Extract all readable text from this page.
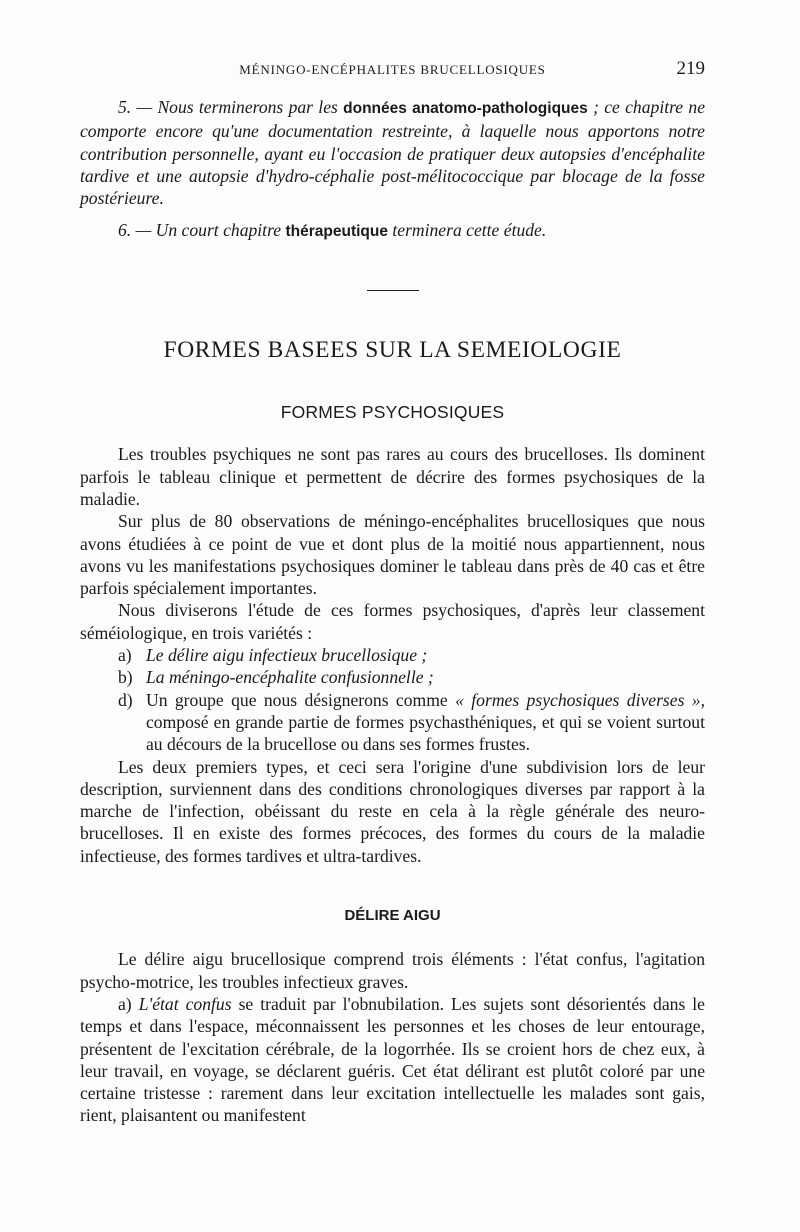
MÉNINGO-ENCÉPHALITES BRUCELLOSIQUES	219

5. — Nous terminerons par les données anatomo-pathologiques ; ce chapitre ne comporte encore qu'une documentation restreinte, à laquelle nous apportons notre contribution personnelle, ayant eu l'occasion de pratiquer deux autopsies d'encéphalite tardive et une autopsie d'hydro-céphalie post-mélitococcique par blocage de la fosse postérieure.

6. — Un court chapitre thérapeutique terminera cette étude.

FORMES BASEES SUR LA SEMEIOLOGIE
FORMES PSYCHOSIQUES

Les troubles psychiques ne sont pas rares au cours des brucelloses. Ils dominent parfois le tableau clinique et permettent de décrire des formes psychosiques de la maladie.

Sur plus de 80 observations de méningo-encéphalites brucellosiques que nous avons étudiées à ce point de vue et dont plus de la moitié nous appartiennent, nous avons vu les manifestations psychosiques dominer le tableau dans près de 40 cas et être parfois spécialement importantes.

Nous diviserons l'étude de ces formes psychosiques, d'après leur classement séméiologique, en trois variétés :

a) Le délire aigu infectieux brucellosique ;
b) La méningo-encéphalite confusionnelle ;
d) Un groupe que nous désignerons comme « formes psychosiques diverses », composé en grande partie de formes psychasthéniques, et qui se voient surtout au décours de la brucellose ou dans ses formes frustes.

Les deux premiers types, et ceci sera l'origine d'une subdivision lors de leur description, surviennent dans des conditions chronologiques diverses par rapport à la marche de l'infection, obéissant du reste en cela à la règle générale des neuro-brucelloses. Il en existe des formes précoces, des formes du cours de la maladie infectieuse, des formes tardives et ultra-tardives.

DÉLIRE AIGU

Le délire aigu brucellosique comprend trois éléments : l'état confus, l'agitation psycho-motrice, les troubles infectieux graves.

a) L'état confus se traduit par l'obnubilation. Les sujets sont désorientés dans le temps et dans l'espace, méconnaissent les personnes et les choses de leur entourage, présentent de l'excitation cérébrale, de la logorrhée. Ils se croient hors de chez eux, à leur travail, en voyage, se déclarent guéris. Cet état délirant est plutôt coloré par une certaine tristesse : rarement dans leur excitation intellectuelle les malades sont gais, rient, plaisantent ou manifestent
